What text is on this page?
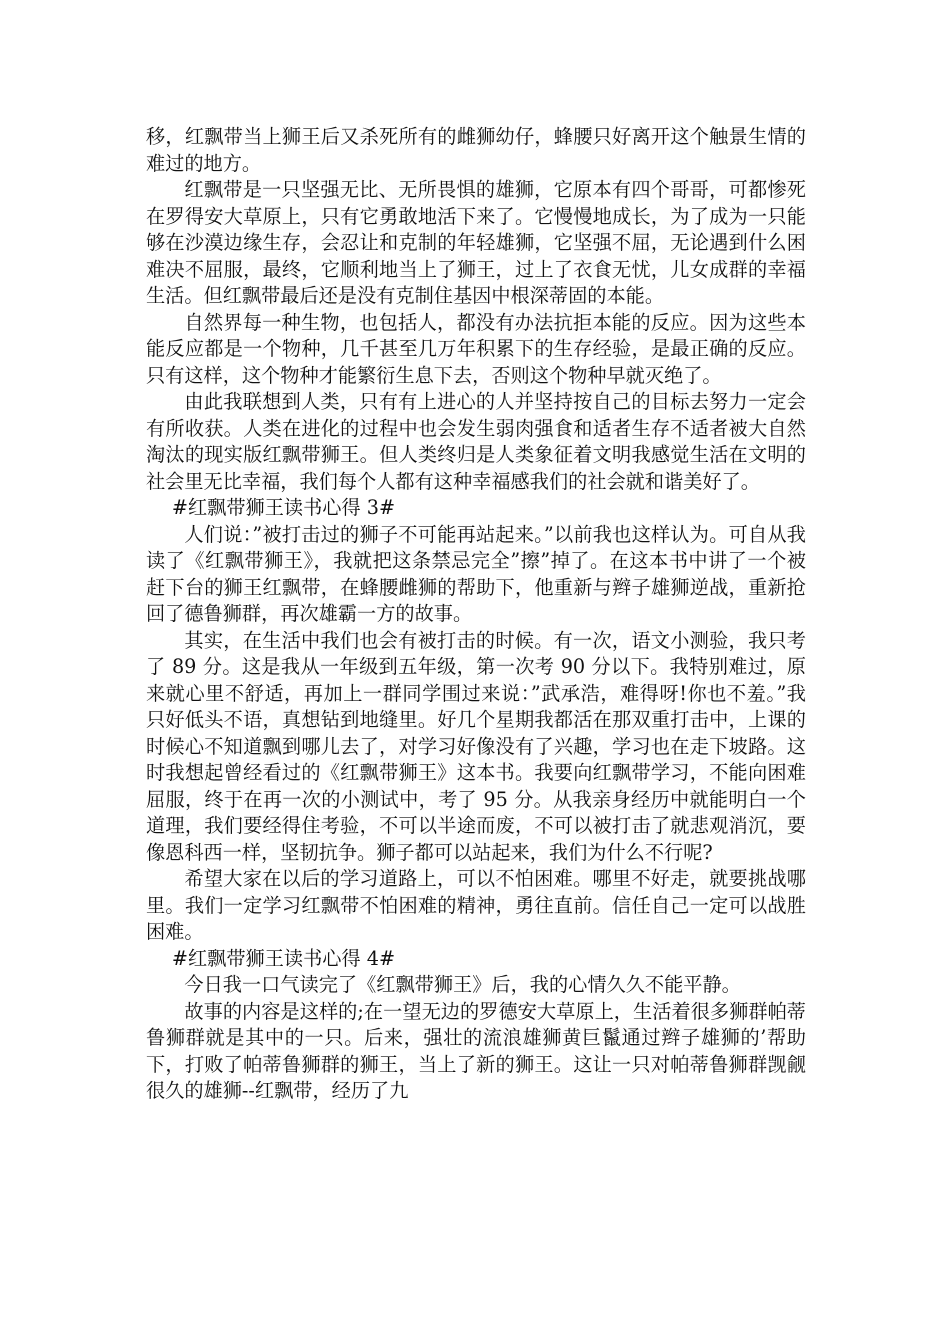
移，红飘带当上狮王后又杀死所有的雌狮幼仔，蜂腰只好离开这个触景生情的难过的地方。

红飘带是一只坚强无比、无所畏惧的雄狮，它原本有四个哥哥，可都惨死在罗得安大草原上，只有它勇敢地活下来了。它慢慢地成长，为了成为一只能够在沙漠边缘生存，会忍让和克制的年轻雄狮，它坚强不屈，无论遇到什么困难决不屈服，最终，它顺利地当上了狮王，过上了衣食无忧，儿女成群的幸福生活。但红飘带最后还是没有克制住基因中根深蒂固的本能。

自然界每一种生物，也包括人，都没有办法抗拒本能的反应。因为这些本能反应都是一个物种，几千甚至几万年积累下的生存经验，是最正确的反应。只有这样，这个物种才能繁衍生息下去，否则这个物种早就灭绝了。

由此我联想到人类，只有有上进心的人并坚持按自己的目标去努力一定会有所收获。人类在进化的过程中也会发生弱肉强食和适者生存不适者被大自然淘汰的现实版红飘带狮王。但人类终归是人类象征着文明我感觉生活在文明的社会里无比幸福，我们每个人都有这种幸福感我们的社会就和谐美好了。

#红飘带狮王读书心得 3#

人们说：”被打击过的狮子不可能再站起来。”以前我也这样认为。可自从我读了《红飘带狮王》，我就把这条禁忌完全”擦”掉了。在这本书中讲了一个被赶下台的狮王红飘带，在蜂腰雌狮的帮助下，他重新与辫子雄狮逆战，重新抢回了德鲁狮群，再次雄霸一方的故事。

其实，在生活中我们也会有被打击的时候。有一次，语文小测验，我只考了 89 分。这是我从一年级到五年级，第一次考 90 分以下。我特别难过，原来就心里不舒适，再加上一群同学围过来说：”武承浩，难得呀!你也不羞。”我只好低头不语，真想钻到地缝里。好几个星期我都活在那双重打击中，上课的时候心不知道飘到哪儿去了，对学习好像没有了兴趣，学习也在走下坡路。这时我想起曾经看过的《红飘带狮王》这本书。我要向红飘带学习，不能向困难屈服，终于在再一次的小测试中，考了 95 分。从我亲身经历中就能明白一个道理，我们要经得住考验，不可以半途而废，不可以被打击了就悲观消沉，要像恩科西一样，坚韧抗争。狮子都可以站起来，我们为什么不行呢?

希望大家在以后的学习道路上，可以不怕困难。哪里不好走，就要挑战哪里。我们一定学习红飘带不怕困难的精神，勇往直前。信任自己一定可以战胜困难。

#红飘带狮王读书心得 4#

今日我一口气读完了《红飘带狮王》后，我的心情久久不能平静。

故事的内容是这样的;在一望无边的罗德安大草原上，生活着很多狮群帕蒂鲁狮群就是其中的一只。后来，强壮的流浪雄狮黄巨鬣通过辫子雄狮的’帮助下，打败了帕蒂鲁狮群的狮王，当上了新的狮王。这让一只对帕蒂鲁狮群觊觎很久的雄狮--红飘带，经历了九
